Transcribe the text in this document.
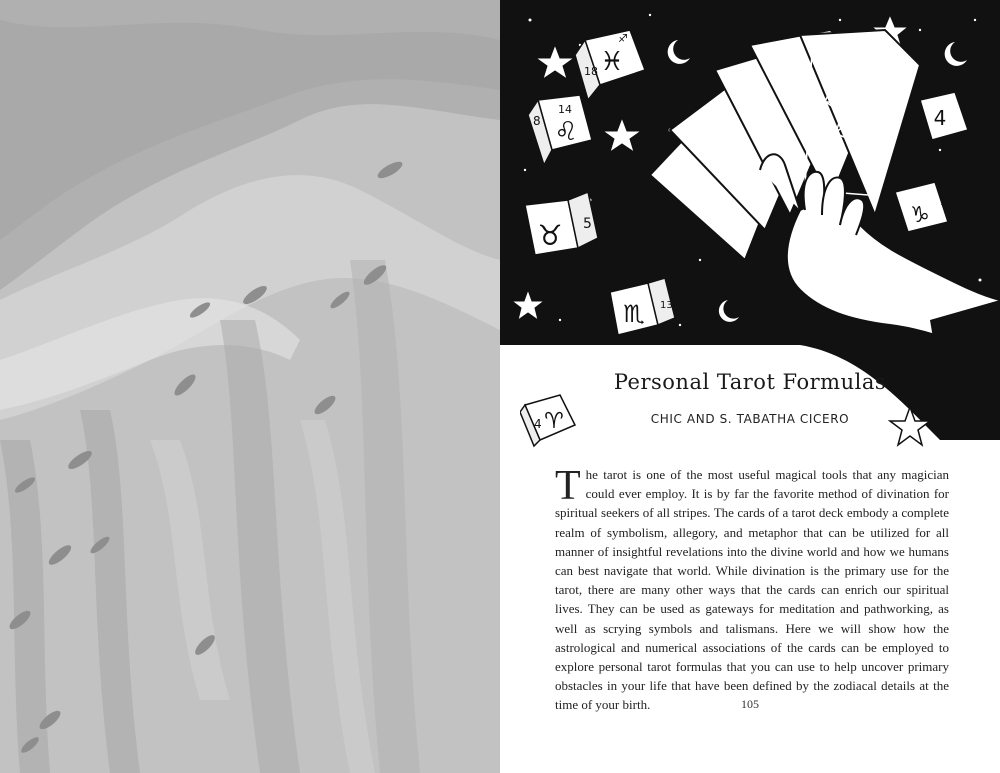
♓
18
♐
♌
14
8
♉ 5
♏ 13
4
16
♑
9
20
♈
4
Personal Tarot Formulas
CHIC AND S. TABATHA CICERO

The tarot is one of the most useful magical tools that any magician could ever employ. It is by far the favorite method of divination for spiritual seekers of all stripes. The cards of a tarot deck embody a complete realm of symbolism, allegory, and metaphor that can be utilized for all manner of insightful revelations into the divine world and how we humans can best navigate that world. While divination is the primary use for the tarot, there are many other ways that the cards can enrich our spiritual lives. They can be used as gateways for meditation and pathworking, as well as scrying symbols and talismans. Here we will show how the astrological and numerical associations of the cards can be employed to explore personal tarot formulas that you can use to help uncover primary obstacles in your life that have been defined by the zodiacal details at the time of your birth.	105
